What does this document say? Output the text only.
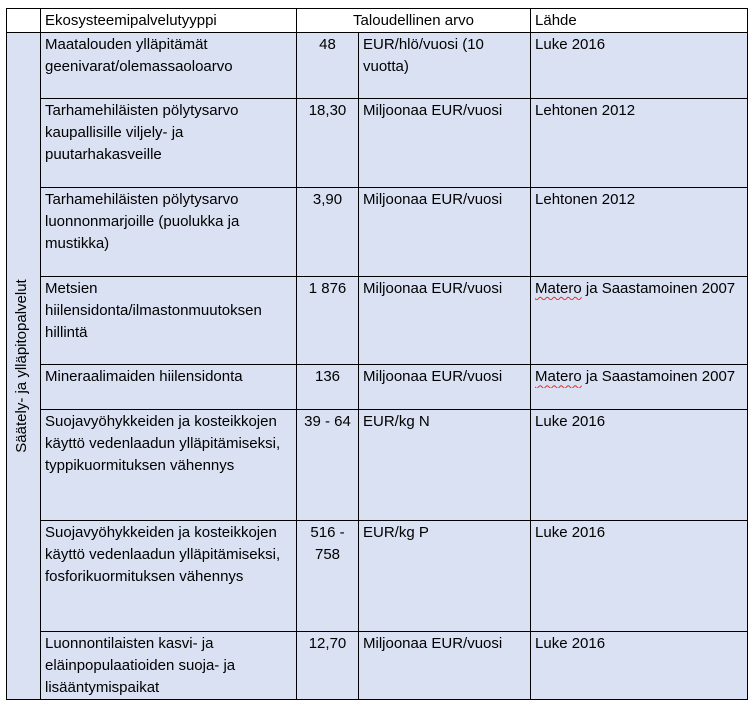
	Ekosysteemipalvelutyyppi	Taloudellinen arvo		Lähde

Säätely- ja ylläpitopalvelut	Maatalouden ylläpitämät geenivarat/olemassaoloarvo	48	EUR/hlö/vuosi (10 vuotta)	Luke 2016

	Tarhamehiläisten pölytysarvo kaupallisille viljely- ja puutarhakasveille	18,30	Miljoonaa EUR/vuosi	Lehtonen 2012

	Tarhamehiläisten pölytysarvo luonnonmarjoille (puolukka ja mustikka)	3,90	Miljoonaa EUR/vuosi	Lehtonen 2012

	Metsien hiilensidonta/ilmastonmuutoksen hillintä	1 876	Miljoonaa EUR/vuosi	Matero ja Saastamoinen 2007

	Mineraalimaiden hiilensidonta	136	Miljoonaa EUR/vuosi	Matero ja Saastamoinen 2007

	Suojavyöhykkeiden ja kosteikkojen käyttö vedenlaadun ylläpitämiseksi, typpikuormituksen vähennys	39 - 64	EUR/kg N	Luke 2016

	Suojavyöhykkeiden ja kosteikkojen käyttö vedenlaadun ylläpitämiseksi, fosforikuormituksen vähennys	516 - 758	EUR/kg P	Luke 2016

	Luonnontilaisten kasvi- ja eläinpopulaatioiden suoja- ja lisääntymispaikat	12,70	Miljoonaa EUR/vuosi	Luke 2016
